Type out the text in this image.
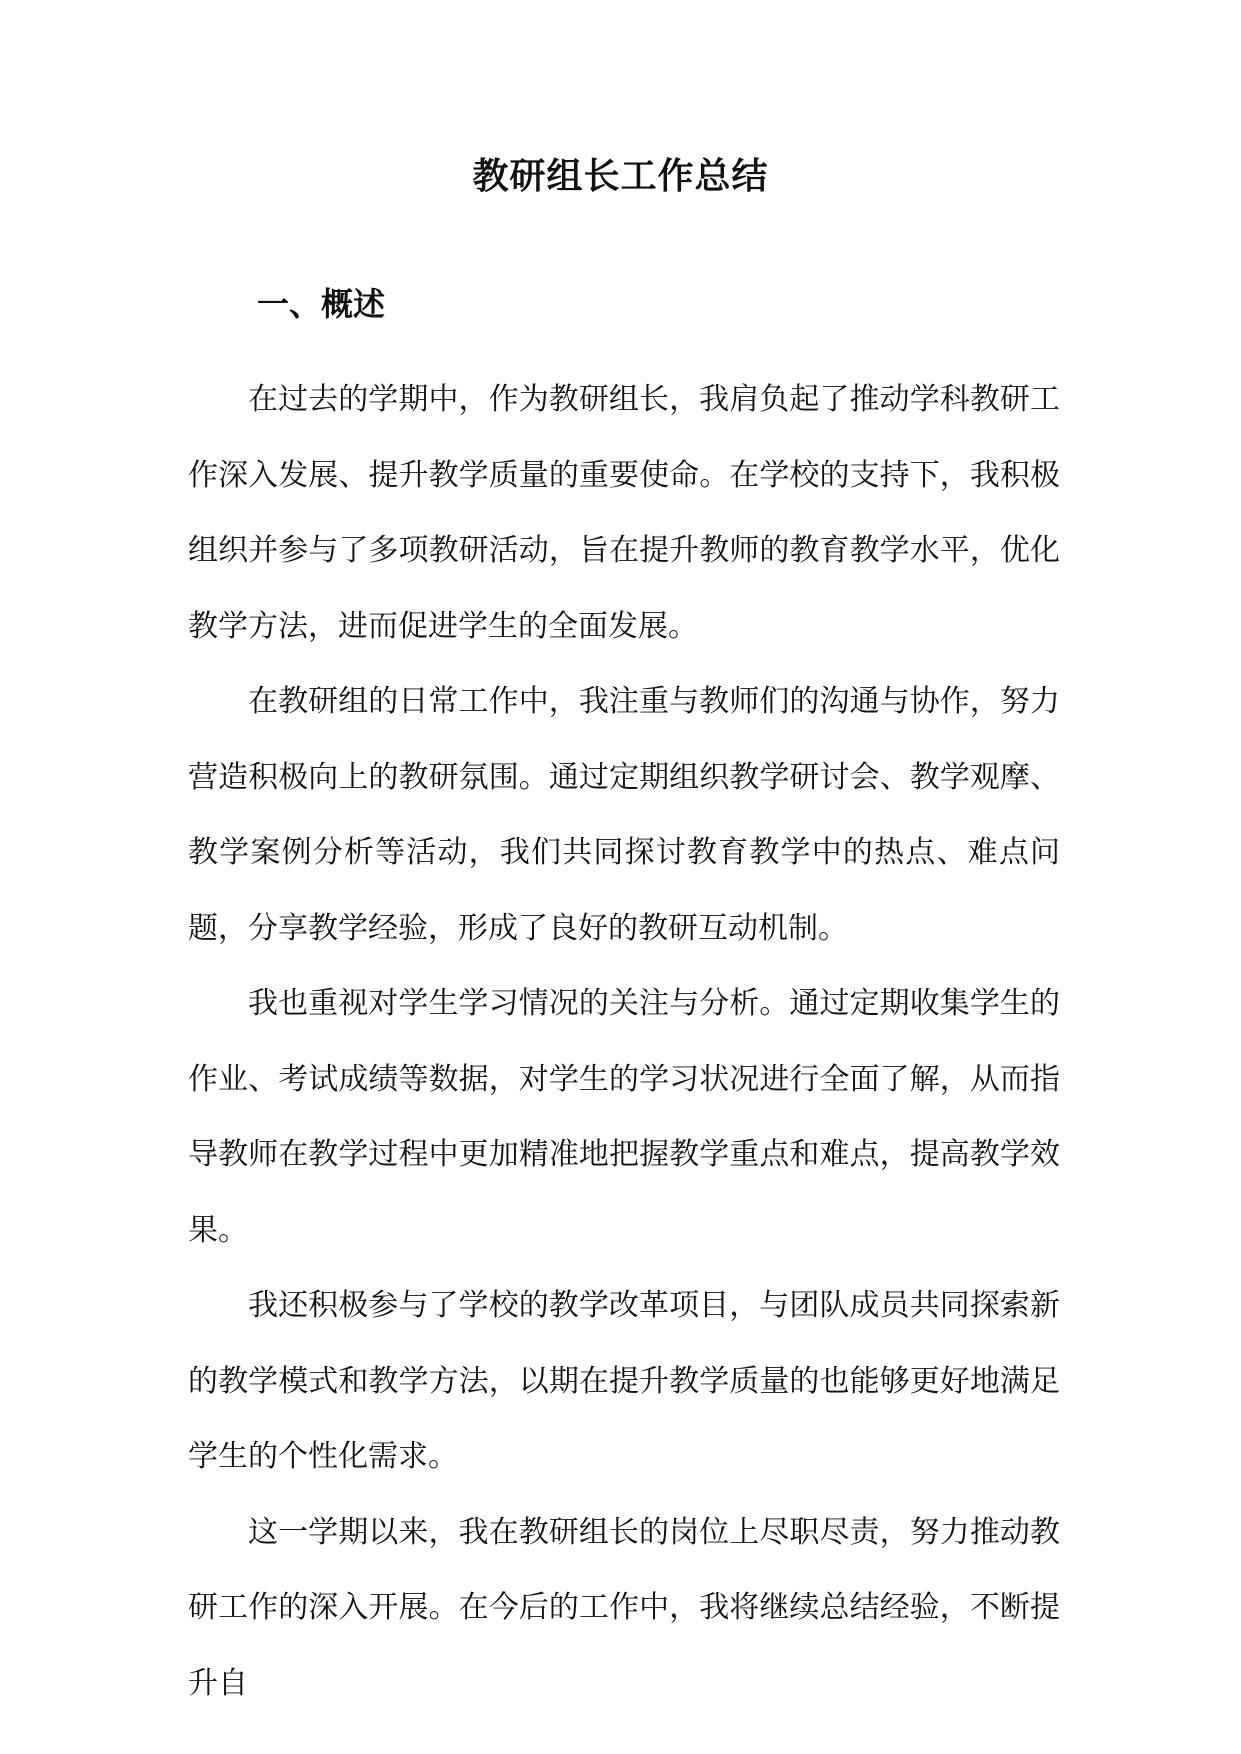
教研组长工作总结
一、概述

在过去的学期中，作为教研组长，我肩负起了推动学科教研工作深入发展、提升教学质量的重要使命。在学校的支持下，我积极组织并参与了多项教研活动，旨在提升教师的教育教学水平，优化教学方法，进而促进学生的全面发展。

在教研组的日常工作中，我注重与教师们的沟通与协作，努力营造积极向上的教研氛围。通过定期组织教学研讨会、教学观摩、教学案例分析等活动，我们共同探讨教育教学中的热点、难点问题，分享教学经验，形成了良好的教研互动机制。

我也重视对学生学习情况的关注与分析。通过定期收集学生的作业、考试成绩等数据，对学生的学习状况进行全面了解，从而指导教师在教学过程中更加精准地把握教学重点和难点，提高教学效果。

我还积极参与了学校的教学改革项目，与团队成员共同探索新的教学模式和教学方法，以期在提升教学质量的也能够更好地满足学生的个性化需求。

这一学期以来，我在教研组长的岗位上尽职尽责，努力推动教研工作的深入开展。在今后的工作中，我将继续总结经验，不断提升自
